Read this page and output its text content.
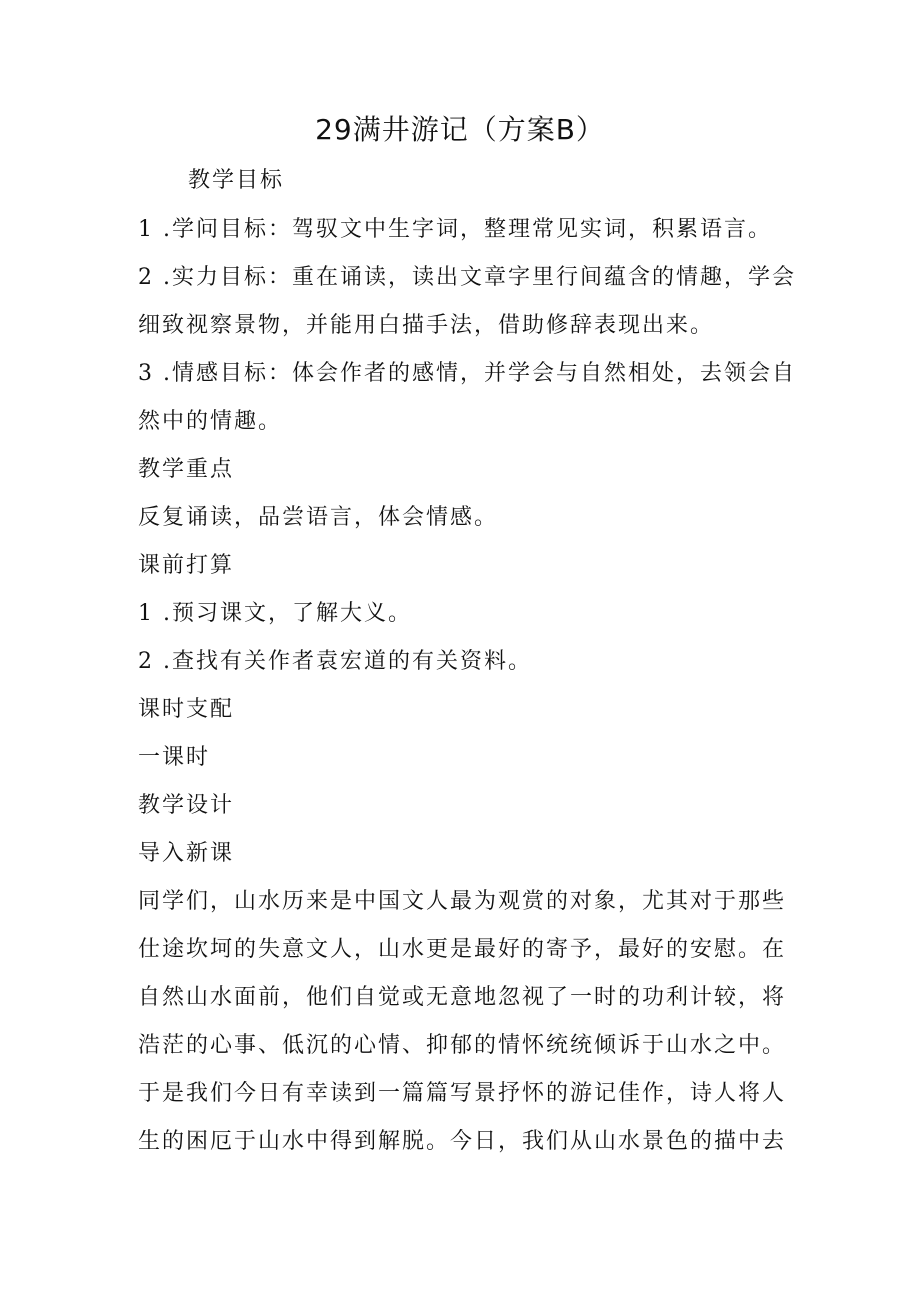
29满井游记（方案B）
教学目标
1 .学问目标：驾驭文中生字词，整理常见实词，积累语言。
2 .实力目标：重在诵读，读出文章字里行间蕴含的情趣，学会
细致视察景物，并能用白描手法，借助修辞表现出来。
3 .情感目标：体会作者的感情，并学会与自然相处，去领会自
然中的情趣。
教学重点
反复诵读，品尝语言，体会情感。
课前打算
1 .预习课文，了解大义。
2 .查找有关作者袁宏道的有关资料。
课时支配
一课时
教学设计
导入新课
同学们，山水历来是中国文人最为观赏的对象，尤其对于那些
仕途坎坷的失意文人，山水更是最好的寄予，最好的安慰。在
自然山水面前，他们自觉或无意地忽视了一时的功利计较，将
浩茫的心事、低沉的心情、抑郁的情怀统统倾诉于山水之中。
于是我们今日有幸读到一篇篇写景抒怀的游记佳作，诗人将人
生的困厄于山水中得到解脱。今日，我们从山水景色的描中去
